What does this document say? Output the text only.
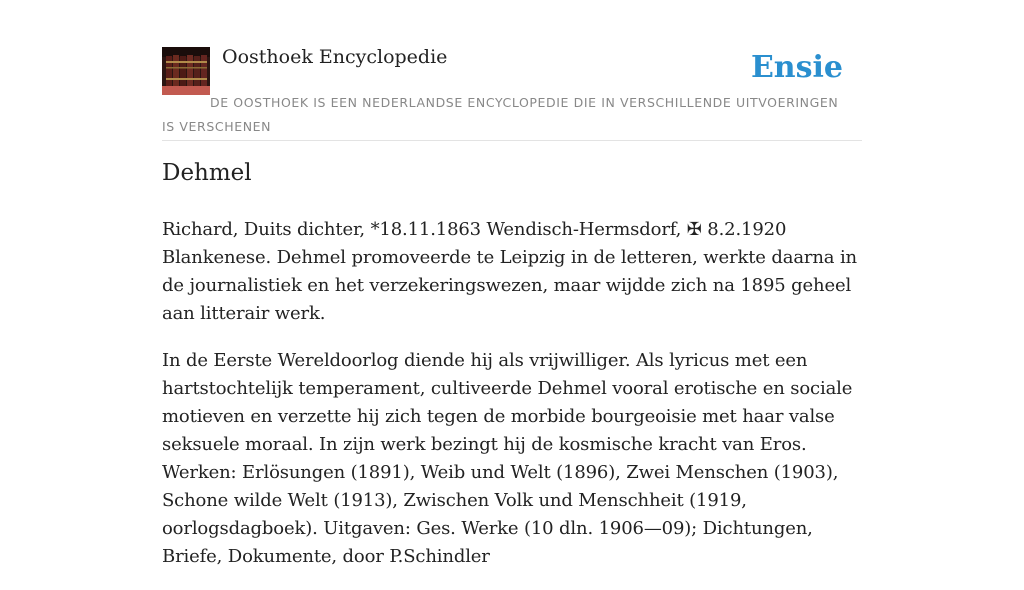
Oosthoek Encyclopedie	Ensie
DE OOSTHOEK IS EEN NEDERLANDSE ENCYCLOPEDIE DIE IN VERSCHILLENDE UITVOERINGEN IS VERSCHENEN
Dehmel

Richard, Duits dichter, *18.11.1863 Wendisch-Hermsdorf, ✠ 8.2.1920 Blankenese. Dehmel promoveerde te Leipzig in de letteren, werkte daarna in de journalistiek en het verzekeringswezen, maar wijdde zich na 1895 geheel aan litterair werk.

In de Eerste Wereldoorlog diende hij als vrijwilliger. Als lyricus met een hartstochtelijk temperament, cultiveerde Dehmel vooral erotische en sociale motieven en verzette hij zich tegen de morbide bourgeoisie met haar valse seksuele moraal. In zijn werk bezingt hij de kosmische kracht van Eros. Werken: Erlösungen (1891), Weib und Welt (1896), Zwei Menschen (1903), Schone wilde Welt (1913), Zwischen Volk und Menschheit (1919, oorlogsdagboek). Uitgaven: Ges. Werke (10 dln. 1906—09); Dichtungen, Briefe, Dokumente, door P.Schindler
